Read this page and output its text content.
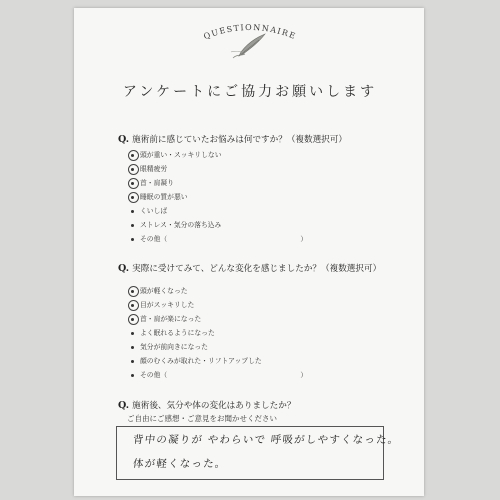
QUESTIONNAIRE
アンケートにご協力お願いします
Q. 施術前に感じていたお悩みは何ですか？（複数選択可）
頭が重い・スッキリしない
眼精疲労
首・肩凝り
睡眠の質が悪い
くいしば
ストレス・気分の落ち込み
その他（	）
Q. 実際に受けてみて、どんな変化を感じましたか？（複数選択可）
頭が軽くなった
目がスッキリした
首・肩が楽になった
よく眠れるようになった
気分が前向きになった
顔のむくみが取れた・リフトアップした
その他（	）
Q. 施術後、気分や体の変化はありましたか？
ご自由にご感想・ご意見をお聞かせください
背中の凝りが やわらいで 呼吸がしやすくなった。
体が軽くなった。
